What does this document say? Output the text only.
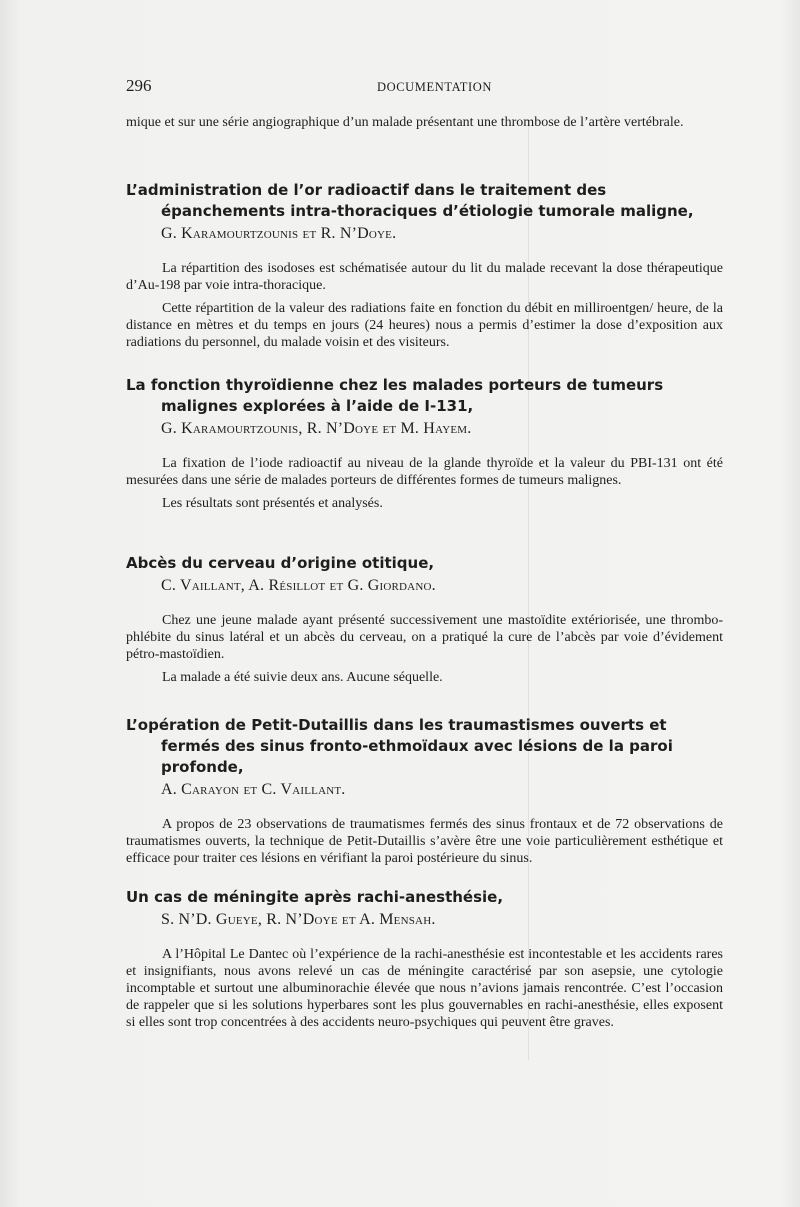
296	DOCUMENTATION

mique et sur une série angiographique d’un malade présentant une thrombose de l’artère vertébrale.

L’administration de l’or radioactif dans le traitement des épanchements intra-thoraciques d’étiologie tumorale maligne,
G. Karamourtzounis et R. N’Doye.

La répartition des isodoses est schématisée autour du lit du malade recevant la dose thérapeutique d’Au-198 par voie intra-thoracique.

Cette répartition de la valeur des radiations faite en fonction du débit en milliroentgen/ heure, de la distance en mètres et du temps en jours (24 heures) nous a permis d’estimer la dose d’exposition aux radiations du personnel, du malade voisin et des visiteurs.

La fonction thyroïdienne chez les malades porteurs de tumeurs malignes explorées à l’aide de I-131,
G. Karamourtzounis, R. N’Doye et M. Hayem.

La fixation de l’iode radioactif au niveau de la glande thyroïde et la valeur du PBI-131 ont été mesurées dans une série de malades porteurs de différentes formes de tumeurs malignes.

Les résultats sont présentés et analysés.

Abcès du cerveau d’origine otitique,
C. Vaillant, A. Résillot et G. Giordano.

Chez une jeune malade ayant présenté successivement une mastoïdite extériorisée, une thrombo-phlébite du sinus latéral et un abcès du cerveau, on a pratiqué la cure de l’abcès par voie d’évidement pétro-mastoïdien.

La malade a été suivie deux ans. Aucune séquelle.

L’opération de Petit-Dutaillis dans les traumastismes ouverts et fermés des sinus fronto-ethmoïdaux avec lésions de la paroi profonde,
A. Carayon et C. Vaillant.

A propos de 23 observations de traumatismes fermés des sinus frontaux et de 72 observations de traumatismes ouverts, la technique de Petit-Dutaillis s’avère être une voie particulièrement esthétique et efficace pour traiter ces lésions en vérifiant la paroi postérieure du sinus.

Un cas de méningite après rachi-anesthésie,
S. N’D. Gueye, R. N’Doye et A. Mensah.

A l’Hôpital Le Dantec où l’expérience de la rachi-anesthésie est incontestable et les accidents rares et insignifiants, nous avons relevé un cas de méningite caractérisé par son asepsie, une cytologie incomptable et surtout une albuminorachie élevée que nous n’avions jamais rencontrée. C’est l’occasion de rappeler que si les solutions hyperbares sont les plus gouvernables en rachi-anesthésie, elles exposent si elles sont trop concentrées à des accidents neuro-psychiques qui peuvent être graves.
